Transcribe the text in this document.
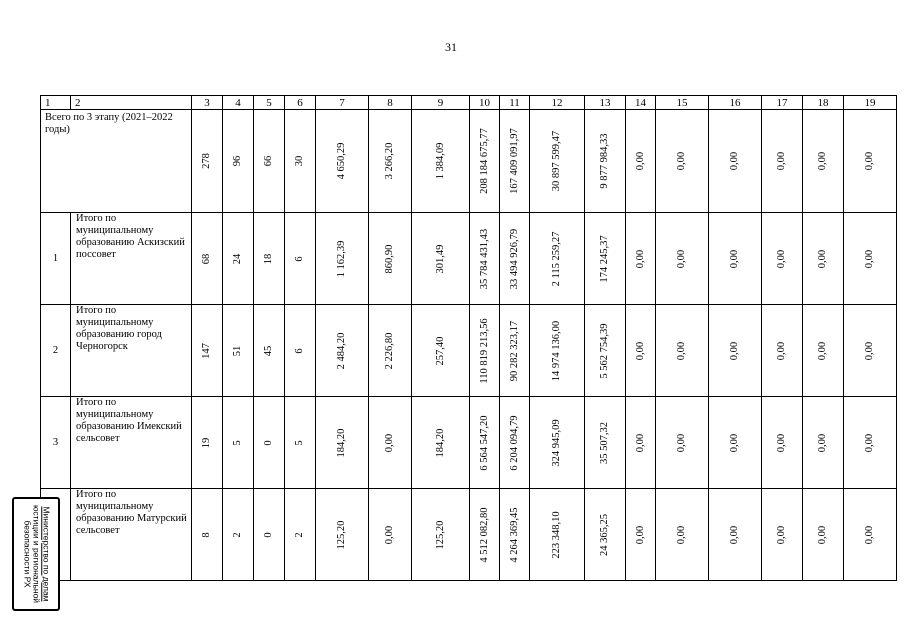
31
1	2	3	4	5	6	7	8	9	10	11	12	13	14	15	16	17	18	19
Всего по 3 этапу (2021–2022 годы)		278	96	66	30	4 650,29	3 266,20	1 384,09	208 184 675,77	167 409 091,97	30 897 599,47	9 877 984,33	0,00	0,00	0,00	0,00	0,00	0,00

1	Итого по муниципальному образованию Аскизский поссовет	68	24	18	6	1 162,39	860,90	301,49	35 784 431,43	33 494 926,79	2 115 259,27	174 245,37	0,00	0,00	0,00	0,00	0,00	0,00

2	Итого по муниципальному образованию город Черногорск	147	51	45	6	2 484,20	2 226,80	257,40	110 819 213,56	90 282 323,17	14 974 136,00	5 562 754,39	0,00	0,00	0,00	0,00	0,00	0,00

3	Итого по муниципальному образованию Имекский сельсовет	19	5	0	5	184,20	0,00	184,20	6 564 547,20	6 204 094,79	324 945,09	35 507,32	0,00	0,00	0,00	0,00	0,00	0,00

	Итого по муниципальному образованию Матурский сельсовет	8	2	0	2	125,20	0,00	125,20	4 512 082,80	4 264 369,45	223 348,10	24 365,25	0,00	0,00	0,00	0,00	0,00	0,00
Министерство по делам
юстиции и региональной
безопасности РХ
